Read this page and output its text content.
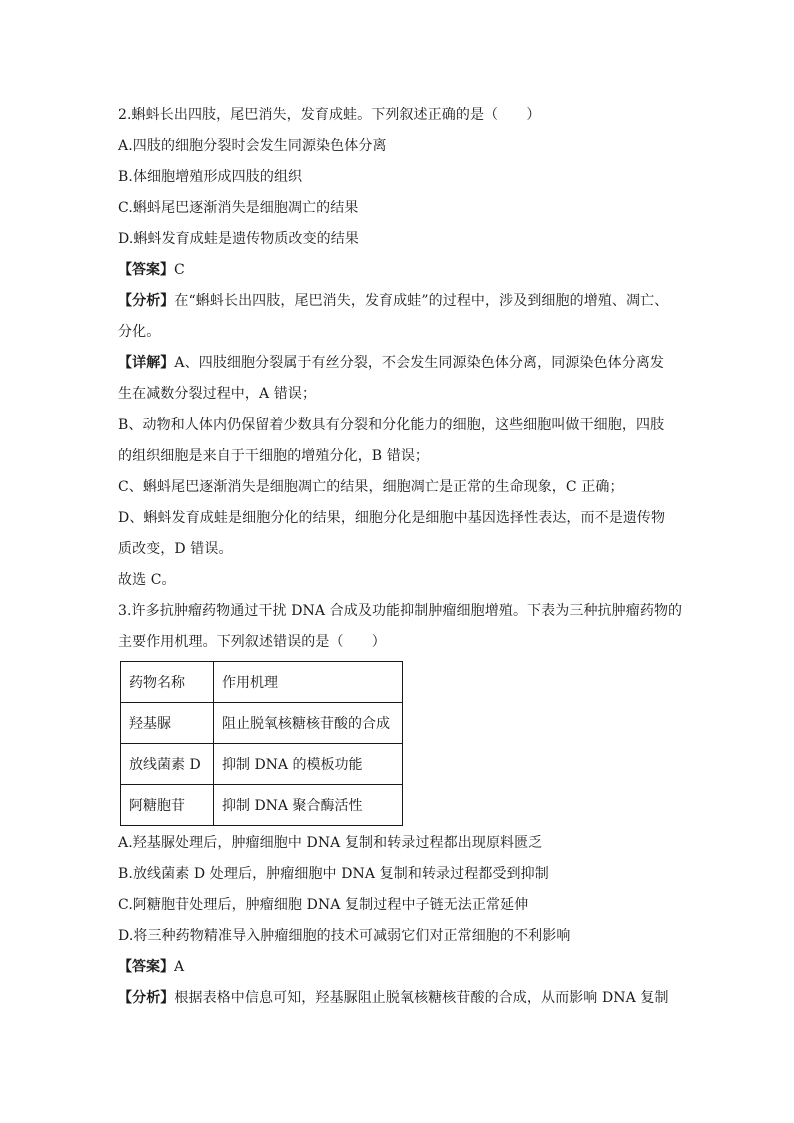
2.蝌蚪长出四肢，尾巴消失，发育成蛙。下列叙述正确的是（　　）
A.四肢的细胞分裂时会发生同源染色体分离
B.体细胞增殖形成四肢的组织
C.蝌蚪尾巴逐渐消失是细胞凋亡的结果
D.蝌蚪发育成蛙是遗传物质改变的结果
【答案】C
【分析】在“蝌蚪长出四肢，尾巴消失，发育成蛙”的过程中，涉及到细胞的增殖、凋亡、
分化。
【详解】A、四肢细胞分裂属于有丝分裂，不会发生同源染色体分离，同源染色体分离发
生在减数分裂过程中，A 错误；
B、动物和人体内仍保留着少数具有分裂和分化能力的细胞，这些细胞叫做干细胞，四肢
的组织细胞是来自于干细胞的增殖分化，B 错误；
C、蝌蚪尾巴逐渐消失是细胞凋亡的结果，细胞凋亡是正常的生命现象，C 正确；
D、蝌蚪发育成蛙是细胞分化的结果，细胞分化是细胞中基因选择性表达，而不是遗传物
质改变，D 错误。
故选 C。
3.许多抗肿瘤药物通过干扰 DNA 合成及功能抑制肿瘤细胞增殖。下表为三种抗肿瘤药物的
主要作用机理。下列叙述错误的是（　　）
药物名称	作用机理
羟基脲	阻止脱氧核糖核苷酸的合成
放线菌素 D	抑制 DNA 的模板功能
阿糖胞苷	抑制 DNA 聚合酶活性
A.羟基脲处理后，肿瘤细胞中 DNA 复制和转录过程都出现原料匮乏
B.放线菌素 D 处理后，肿瘤细胞中 DNA 复制和转录过程都受到抑制
C.阿糖胞苷处理后，肿瘤细胞 DNA 复制过程中子链无法正常延伸
D.将三种药物精准导入肿瘤细胞的技术可减弱它们对正常细胞的不利影响
【答案】A
【分析】根据表格中信息可知，羟基脲阻止脱氧核糖核苷酸的合成，从而影响 DNA 复制
